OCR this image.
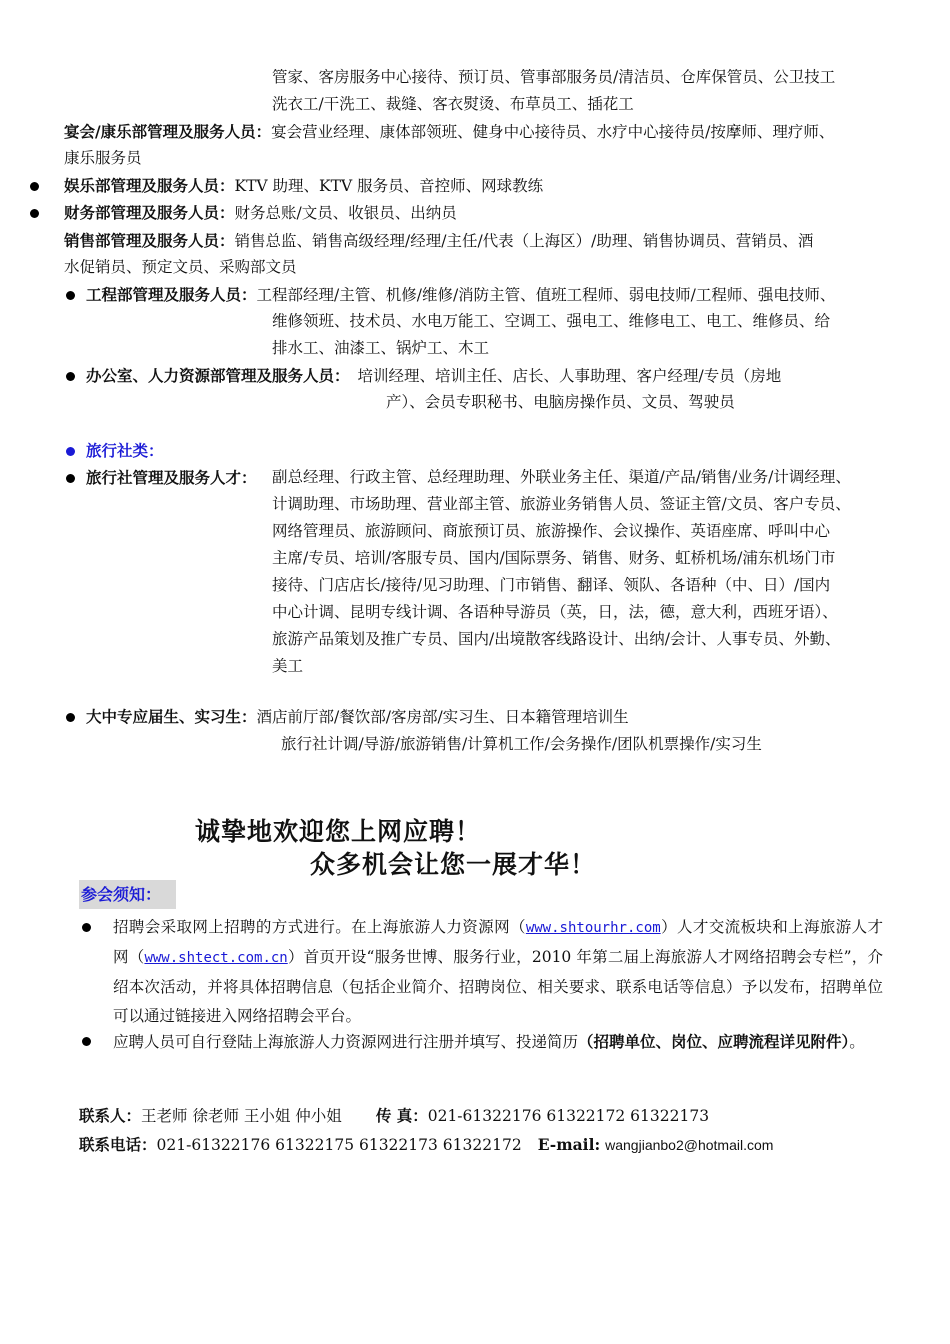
管家、客房服务中心接待、预订员、管事部服务员/清洁员、仓库保管员、公卫技工
洗衣工/干洗工、裁缝、客衣熨烫、布草员工、插花工
宴会/康乐部管理及服务人员：宴会营业经理、康体部领班、健身中心接待员、水疗中心接待员/按摩师、理疗师、
康乐服务员
娱乐部管理及服务人员：KTV 助理、KTV 服务员、音控师、网球教练
财务部管理及服务人员：财务总账/文员、收银员、出纳员
销售部管理及服务人员：销售总监、销售高级经理/经理/主任/代表（上海区）/助理、销售协调员、营销员、酒
水促销员、预定文员、采购部文员
工程部管理及服务人员：工程部经理/主管、机修/维修/消防主管、值班工程师、弱电技师/工程师、强电技师、
维修领班、技术员、水电万能工、空调工、强电工、维修电工、电工、维修员、给
排水工、油漆工、锅炉工、木工
办公室、人力资源部管理及服务人员： 培训经理、培训主任、店长、人事助理、客户经理/专员（房地
产）、会员专职秘书、电脑房操作员、文员、驾驶员
旅行社类：
旅行社管理及服务人才： 副总经理、行政主管、总经理助理、外联业务主任、渠道/产品/销售/业务/计调经理、
计调助理、市场助理、营业部主管、旅游业务销售人员、签证主管/文员、客户专员、
网络管理员、旅游顾问、商旅预订员、旅游操作、会议操作、英语座席、呼叫中心
主席/专员、培训/客服专员、国内/国际票务、销售、财务、虹桥机场/浦东机场门市
接待、门店店长/接待/见习助理、门市销售、翻译、领队、各语种（中、日）/国内
中心计调、昆明专线计调、各语种导游员（英，日，法，德，意大利，西班牙语）、
旅游产品策划及推广专员、国内/出境散客线路设计、出纳/会计、人事专员、外勤、
美工
大中专应届生、实习生：酒店前厅部/餐饮部/客房部/实习生、日本籍管理培训生
旅行社计调/导游/旅游销售/计算机工作/会务操作/团队机票操作/实习生
诚挚地欢迎您上网应聘！
众多机会让您一展才华！
参会须知：
招聘会采取网上招聘的方式进行。在上海旅游人力资源网（www.shtourhr.com）人才交流板块和上海旅游人才网（www.shtect.com.cn）首页开设“服务世博、服务行业，2010 年第二届上海旅游人才网络招聘会专栏”，介绍本次活动，并将具体招聘信息（包括企业简介、招聘岗位、相关要求、联系电话等信息）予以发布，招聘单位可以通过链接进入网络招聘会平台。
应聘人员可自行登陆上海旅游人力资源网进行注册并填写、投递简历（招聘单位、岗位、应聘流程详见附件）。
联系人：王老师 徐老师 王小姐 仲小姐 传 真：021-61322176 61322172 61322173
联系电话：021-61322176 61322175 61322173 61322172 E-mail: wangjianbo2@hotmail.com
